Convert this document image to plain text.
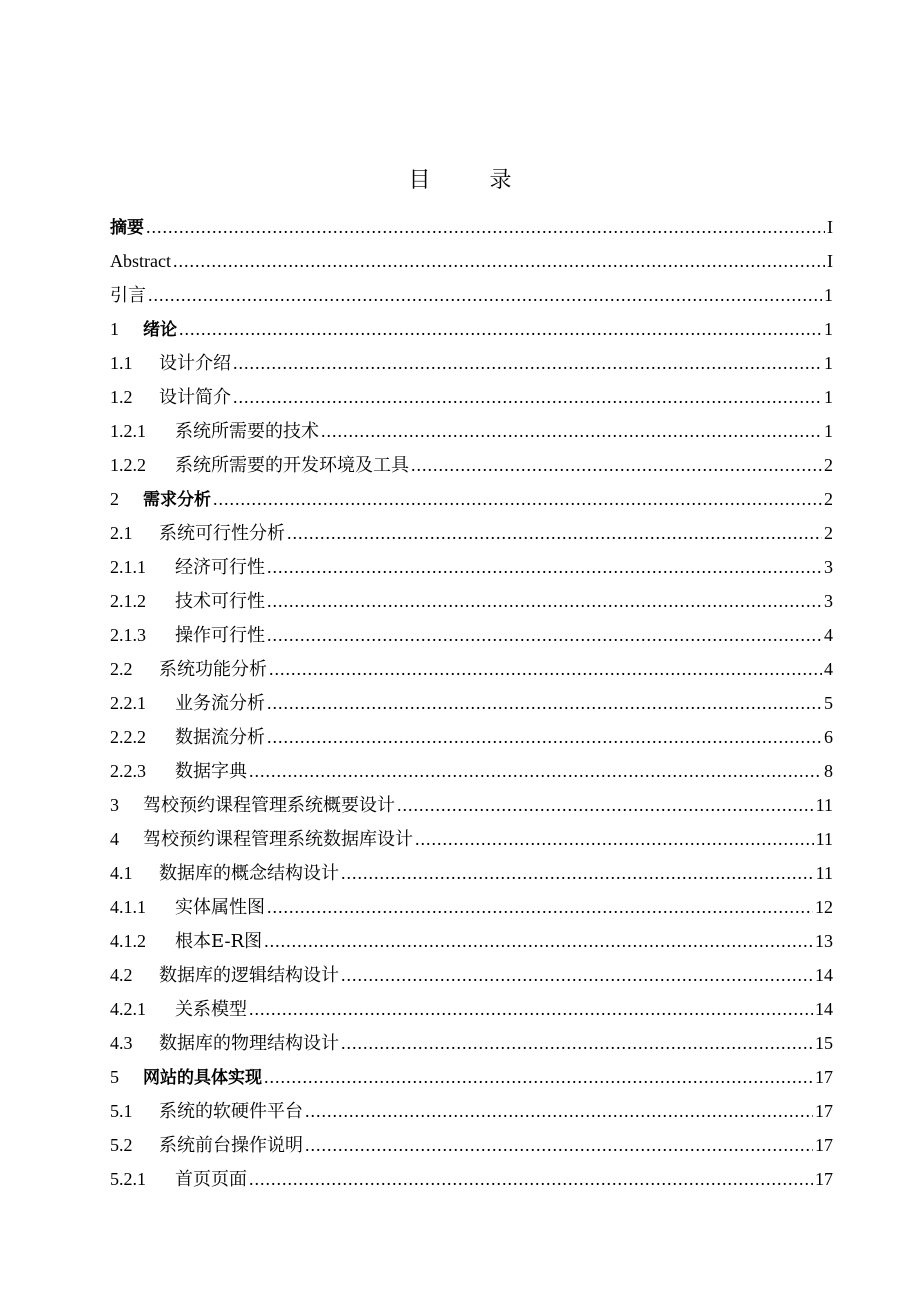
目 录
摘要 .....	I
Abstract .....	I
引言 .....	1
1	绪论 .....	1
1.1	设计介绍 .....	1
1.2	设计简介 .....	1
1.2.1	系统所需要的技术 .....	1
1.2.2	系统所需要的开发环境及工具 .....	2
2	需求分析 .....	2
2.1	系统可行性分析 .....	2
2.1.1	经济可行性 .....	3
2.1.2	技术可行性 .....	3
2.1.3	操作可行性 .....	4
2.2	系统功能分析 .....	4
2.2.1	业务流分析 .....	5
2.2.2	数据流分析 .....	6
2.2.3	数据字典 .....	8
3	驾校预约课程管理系统概要设计 .....	11
4	驾校预约课程管理系统数据库设计 .....	11
4.1	数据库的概念结构设计 .....	11
4.1.1	实体属性图 .....	12
4.1.2	根本E-R图 .....	13
4.2	数据库的逻辑结构设计 .....	14
4.2.1	关系模型 .....	14
4.3	数据库的物理结构设计 .....	15
5	网站的具体实现 .....	17
5.1	系统的软硬件平台 .....	17
5.2	系统前台操作说明 .....	17
5.2.1	首页页面 .....	17
